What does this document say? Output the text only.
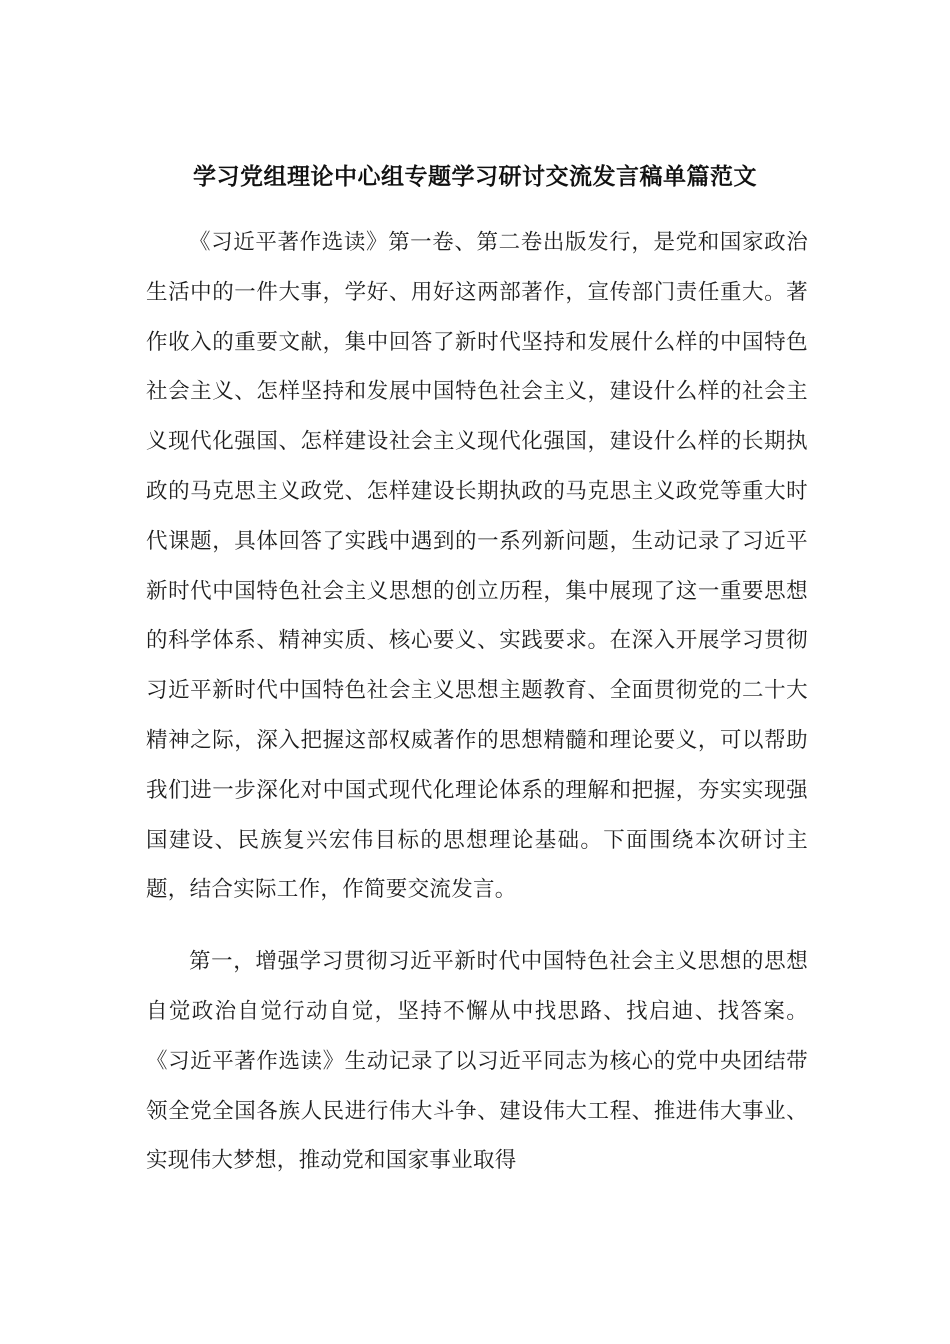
学习党组理论中心组专题学习研讨交流发言稿单篇范文

《习近平著作选读》第一卷、第二卷出版发行，是党和国家政治生活中的一件大事，学好、用好这两部著作，宣传部门责任重大。著作收入的重要文献，集中回答了新时代坚持和发展什么样的中国特色社会主义、怎样坚持和发展中国特色社会主义，建设什么样的社会主义现代化强国、怎样建设社会主义现代化强国，建设什么样的长期执政的马克思主义政党、怎样建设长期执政的马克思主义政党等重大时代课题，具体回答了实践中遇到的一系列新问题，生动记录了习近平新时代中国特色社会主义思想的创立历程，集中展现了这一重要思想的科学体系、精神实质、核心要义、实践要求。在深入开展学习贯彻习近平新时代中国特色社会主义思想主题教育、全面贯彻党的二十大精神之际，深入把握这部权威著作的思想精髓和理论要义，可以帮助我们进一步深化对中国式现代化理论体系的理解和把握，夯实实现强国建设、民族复兴宏伟目标的思想理论基础。下面围绕本次研讨主题，结合实际工作，作简要交流发言。

第一，增强学习贯彻习近平新时代中国特色社会主义思想的思想自觉政治自觉行动自觉，坚持不懈从中找思路、找启迪、找答案。《习近平著作选读》生动记录了以习近平同志为核心的党中央团结带领全党全国各族人民进行伟大斗争、建设伟大工程、推进伟大事业、实现伟大梦想，推动党和国家事业取得
